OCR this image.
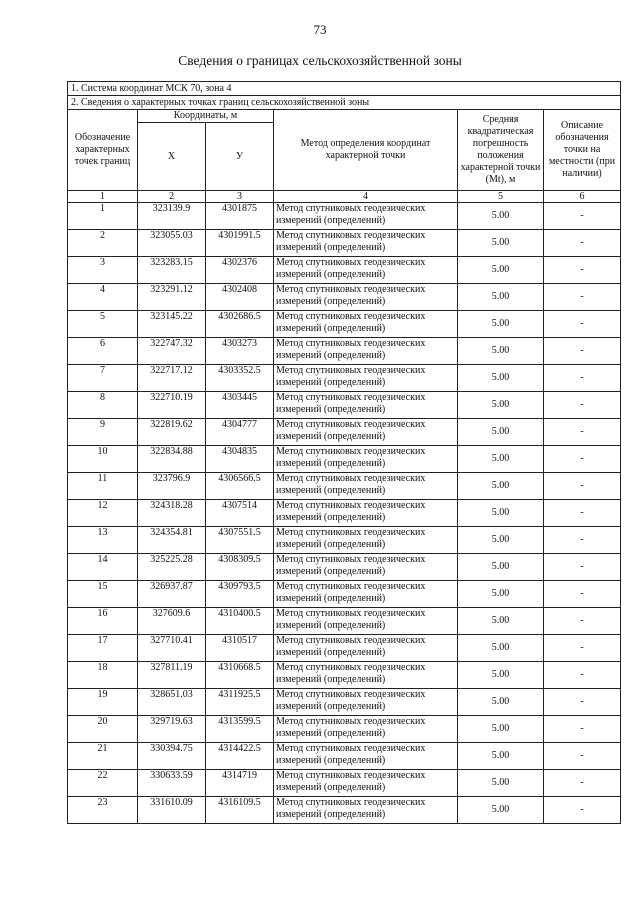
73
Сведения о границах сельскохозяйственной зоны
1. Система координат МСК 70, зона 4					
2. Сведения о характерных точках границ сельскохозяйственной зоны					
Обозначение характерных точек границ	Координаты, м		Метод определения координат характерной точки	Средняя квадратическая погрешность положения характерной точки (Mt), м	Описание обозначения точки на местности (при наличии)
	X	У			
1	2	3	4	5	6
1	323139.9	4301875	Метод спутниковых геодезических измерений (определений)	5.00	-
2	323055.03	4301991.5	Метод спутниковых геодезических измерений (определений)	5.00	-
3	323283.15	4302376	Метод спутниковых геодезических измерений (определений)	5.00	-
4	323291.12	4302408	Метод спутниковых геодезических измерений (определений)	5.00	-
5	323145.22	4302686.5	Метод спутниковых геодезических измерений (определений)	5.00	-
6	322747.32	4303273	Метод спутниковых геодезических измерений (определений)	5.00	-
7	322717.12	4303352.5	Метод спутниковых геодезических измерений (определений)	5.00	-
8	322710.19	4303445	Метод спутниковых геодезических измерений (определений)	5.00	-
9	322819.62	4304777	Метод спутниковых геодезических измерений (определений)	5.00	-
10	322834.88	4304835	Метод спутниковых геодезических измерений (определений)	5.00	-
11	323796.9	4306566.5	Метод спутниковых геодезических измерений (определений)	5.00	-
12	324318.28	4307514	Метод спутниковых геодезических измерений (определений)	5.00	-
13	324354.81	4307551.5	Метод спутниковых геодезических измерений (определений)	5.00	-
14	325225.28	4308309.5	Метод спутниковых геодезических измерений (определений)	5.00	-
15	326937.87	4309793.5	Метод спутниковых геодезических измерений (определений)	5.00	-
16	327609.6	4310400.5	Метод спутниковых геодезических измерений (определений)	5.00	-
17	327710.41	4310517	Метод спутниковых геодезических измерений (определений)	5.00	-
18	327811.19	4310668.5	Метод спутниковых геодезических измерений (определений)	5.00	-
19	328651.03	4311925.5	Метод спутниковых геодезических измерений (определений)	5.00	-
20	329719.63	4313599.5	Метод спутниковых геодезических измерений (определений)	5.00	-
21	330394.75	4314422.5	Метод спутниковых геодезических измерений (определений)	5.00	-
22	330633.59	4314719	Метод спутниковых геодезических измерений (определений)	5.00	-
23	331610.09	4316109.5	Метод спутниковых геодезических измерений (определений)	5.00	-
